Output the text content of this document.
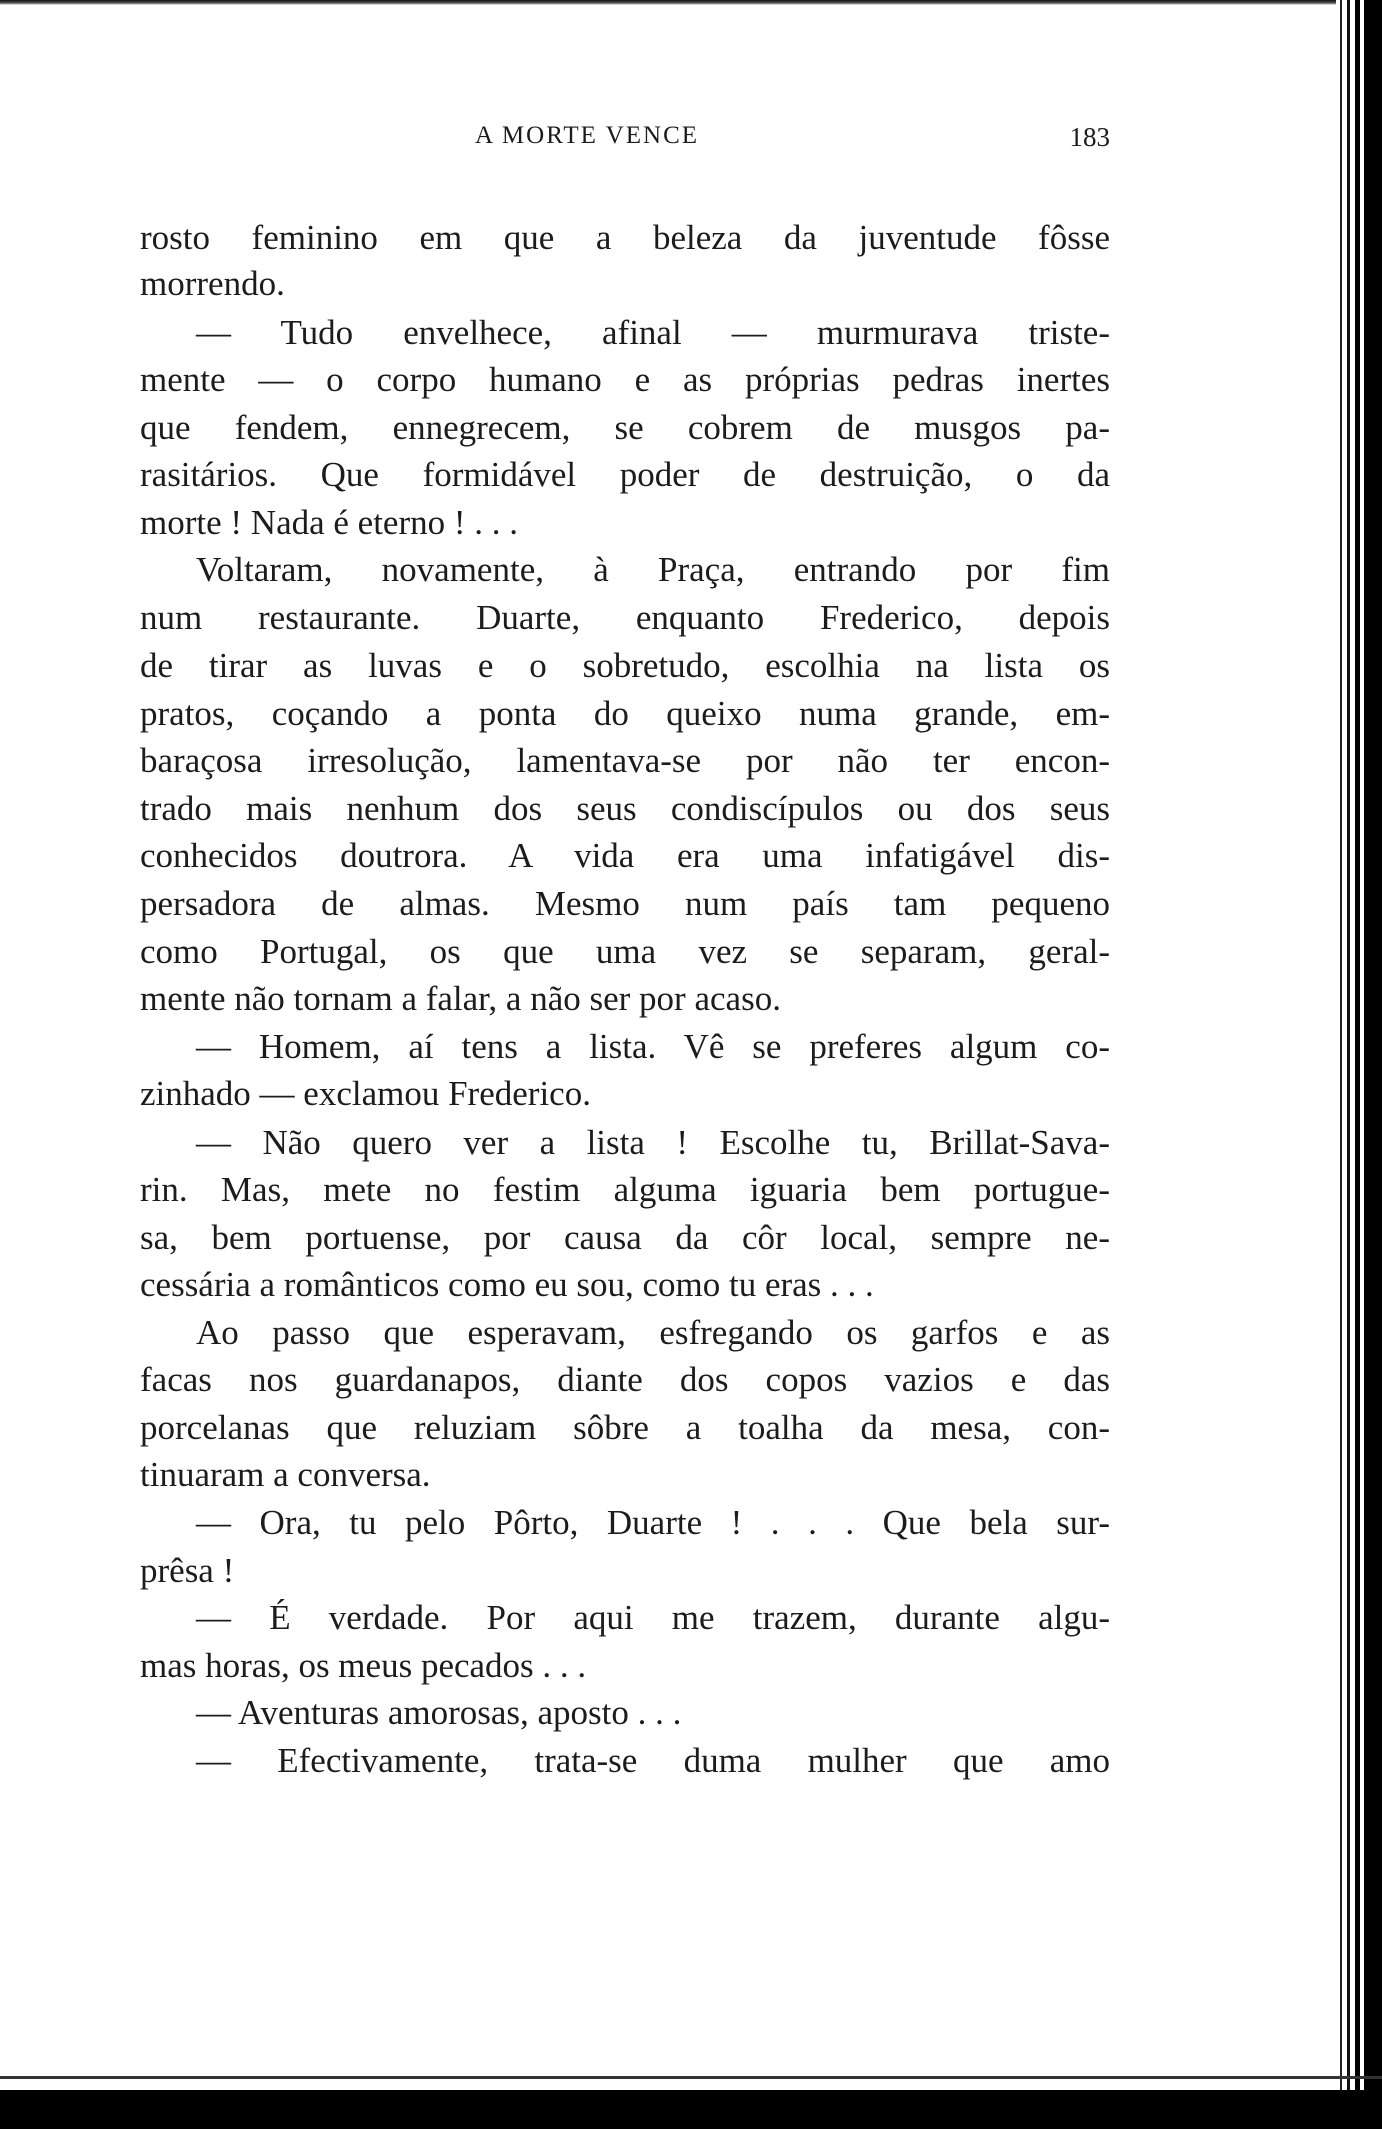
A MORTE VENCE	183
rosto feminino em que a beleza da juventude fôsse
morrendo.
— Tudo envelhece, afinal — murmurava triste-
mente — o corpo humano e as próprias pedras inertes
que fendem, ennegrecem, se cobrem de musgos pa-
rasitários. Que formidável poder de destruição, o da
morte ! Nada é eterno ! . . .
Voltaram, novamente, à Praça, entrando por fim
num restaurante. Duarte, enquanto Frederico, depois
de tirar as luvas e o sobretudo, escolhia na lista os
pratos, coçando a ponta do queixo numa grande, em-
baraçosa irresolução, lamentava-se por não ter encon-
trado mais nenhum dos seus condiscípulos ou dos seus
conhecidos doutrora. A vida era uma infatigável dis-
persadora de almas. Mesmo num país tam pequeno
como Portugal, os que uma vez se separam, geral-
mente não tornam a falar, a não ser por acaso.
— Homem, aí tens a lista. Vê se preferes algum co-
zinhado — exclamou Frederico.
— Não quero ver a lista ! Escolhe tu, Brillat-Sava-
rin. Mas, mete no festim alguma iguaria bem portugue-
sa, bem portuense, por causa da côr local, sempre ne-
cessária a românticos como eu sou, como tu eras . . .
Ao passo que esperavam, esfregando os garfos e as
facas nos guardanapos, diante dos copos vazios e das
porcelanas que reluziam sôbre a toalha da mesa, con-
tinuaram a conversa.
— Ora, tu pelo Pôrto, Duarte ! . . . Que bela sur-
prêsa !
— É verdade. Por aqui me trazem, durante algu-
mas horas, os meus pecados . . .
— Aventuras amorosas, aposto . . .
— Efectivamente, trata-se duma mulher que amo
